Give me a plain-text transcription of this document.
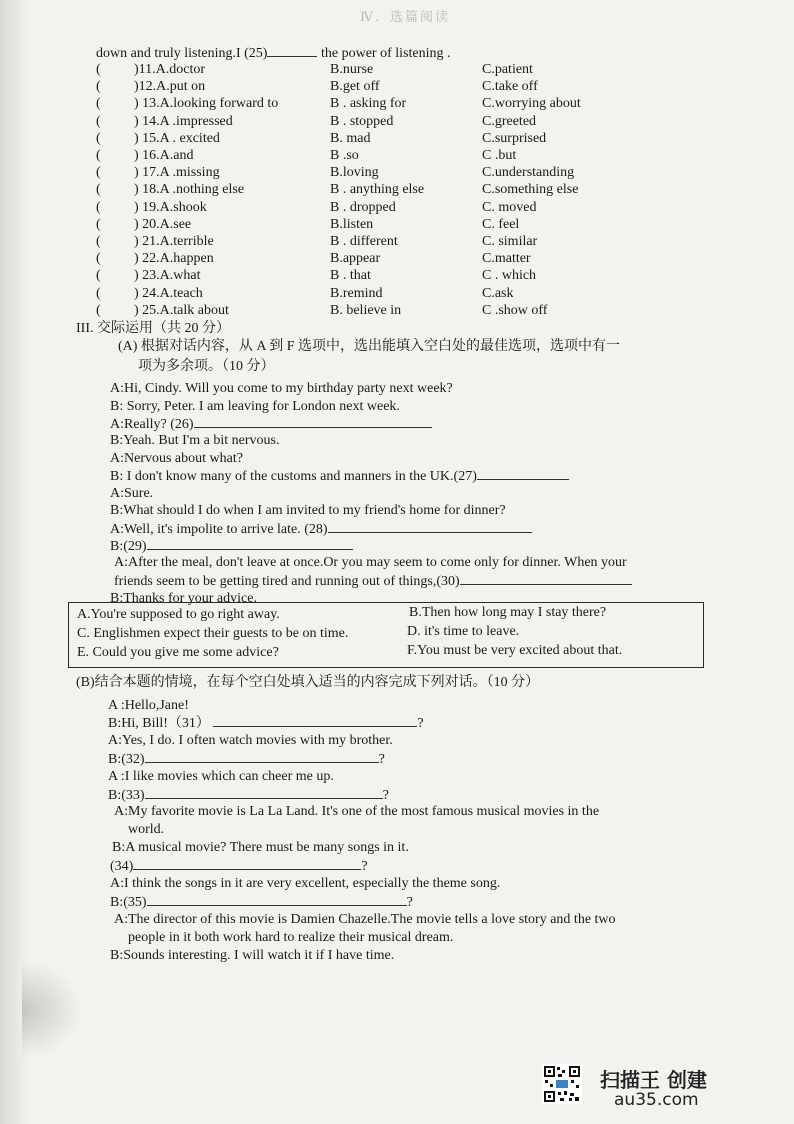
Ⅳ．选篇阅读
down and truly listening.I (25)	the power of listening .
( )11.A.doctor	B.nurse	C.patient
( )12.A.put on	B.get off	C.take off
( ) 13.A.looking forward to	B . asking for	C.worrying about
( ) 14.A .impressed	B . stopped	C.greeted
( ) 15.A . excited	B. mad	C.surprised
( ) 16.A.and	B .so	C .but
( ) 17.A .missing	B.loving	C.understanding
( ) 18.A .nothing else	B . anything else	C.something else
( ) 19.A.shook	B . dropped	C. moved
( ) 20.A.see	B.listen	C. feel
( ) 21.A.terrible	B . different	C. similar
( ) 22.A.happen	B.appear	C.matter
( ) 23.A.what	B . that	C . which
( ) 24.A.teach	B.remind	C.ask
( ) 25.A.talk about	B. believe in	C .show off
III. 交际运用（共 20 分）
(A) 根据对话内容，从 A 到 F 选项中，选出能填入空白处的最佳选项，选项中有一
项为多余项。（10 分）
A:Hi, Cindy. Will you come to my birthday party next week?
B: Sorry, Peter. I am leaving for London next week.
A:Really? (26)
B:Yeah. But I'm a bit nervous.
A:Nervous about what?
B: I don't know many of the customs and manners in the UK.(27)
A:Sure.
B:What should I do when I am invited to my friend's home for dinner?
A:Well, it's impolite to arrive late. (28)
B:(29)
A:After the meal, don't leave at once.Or you may seem to come only for dinner. When your
friends seem to be getting tired and running out of things,(30)
B:Thanks for your advice.
A.You're supposed to go right away.	B.Then how long may I stay there?
C. Englishmen expect their guests to be on time.	D. it's time to leave.
E. Could you give me some advice?	F.You must be very excited about that.
(B)结合本题的情境，在每个空白处填入适当的内容完成下列对话。（10 分）
A :Hello,Jane!
B:Hi, Bill!（31）	?
A:Yes, I do. I often watch movies with my brother.
B:(32)	?
A :I like movies which can cheer me up.
B:(33)	?
A:My favorite movie is La La Land. It's one of the most famous musical movies in the
world.
B:A musical movie? There must be many songs in it.
(34)	?
A:I think the songs in it are very excellent, especially the theme song.
B:(35)	?
A:The director of this movie is Damien Chazelle.The movie tells a love story and the two
people in it both work hard to realize their musical dream.
B:Sounds interesting. I will watch it if I have time.
扫描王 创建
au35.com
